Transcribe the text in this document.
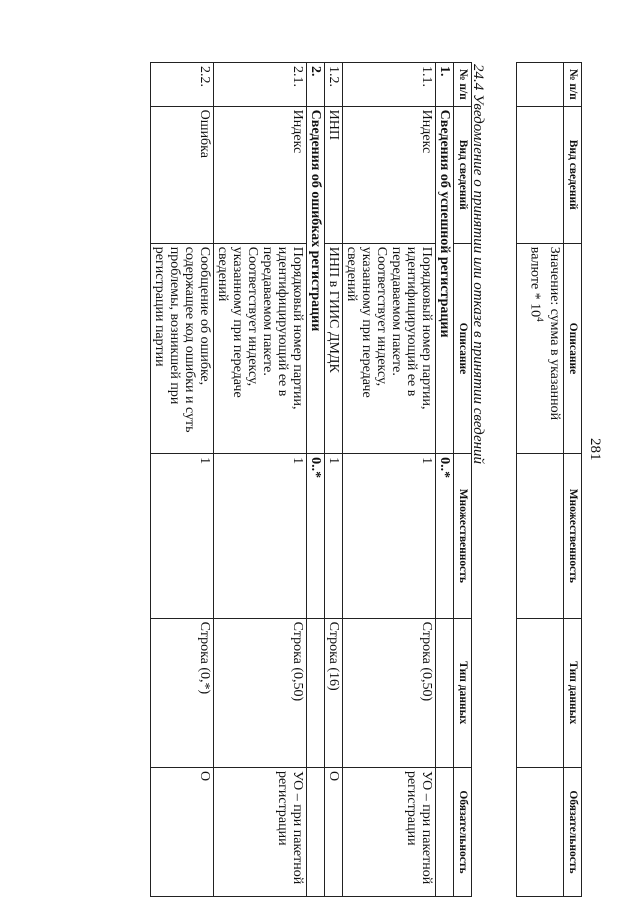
281
№ п/п	Вид сведений	Описание	Множественность	Тип данных	Обязательность
		Значение: сумма в указанной валюте * $10^4$			
24.4 Уведомление о принятии или отказе в принятии сведений
№ п/п	Вид сведений	Описание	Множественность	Тип данных	Обязательность
1.	Сведения об успешной регистрации		0..*		
1.1.	Индекс	Порядковый номер партии, идентифицирующий ее в передаваемом пакете. Соответствует индексу, указанному при передаче сведений	1	Строка (0,50)	УО – при пакетной регистрации
1.2.	ИНП	ИНП в ГИИС ДМДК	1	Строка (16)	О
2.	Сведения об ошибках регистрации		0..*		
2.1.	Индекс	Порядковый номер партии, идентифицирующий ее в передаваемом пакете. Соответствует индексу, указанному при передаче сведений	1	Строка (0,50)	УО – при пакетной регистрации
2.2.	Ошибка	Сообщение об ошибке, содержащее код ошибки и суть проблемы, возникшей при регистрации партии	1	Строка (0,*)	О
